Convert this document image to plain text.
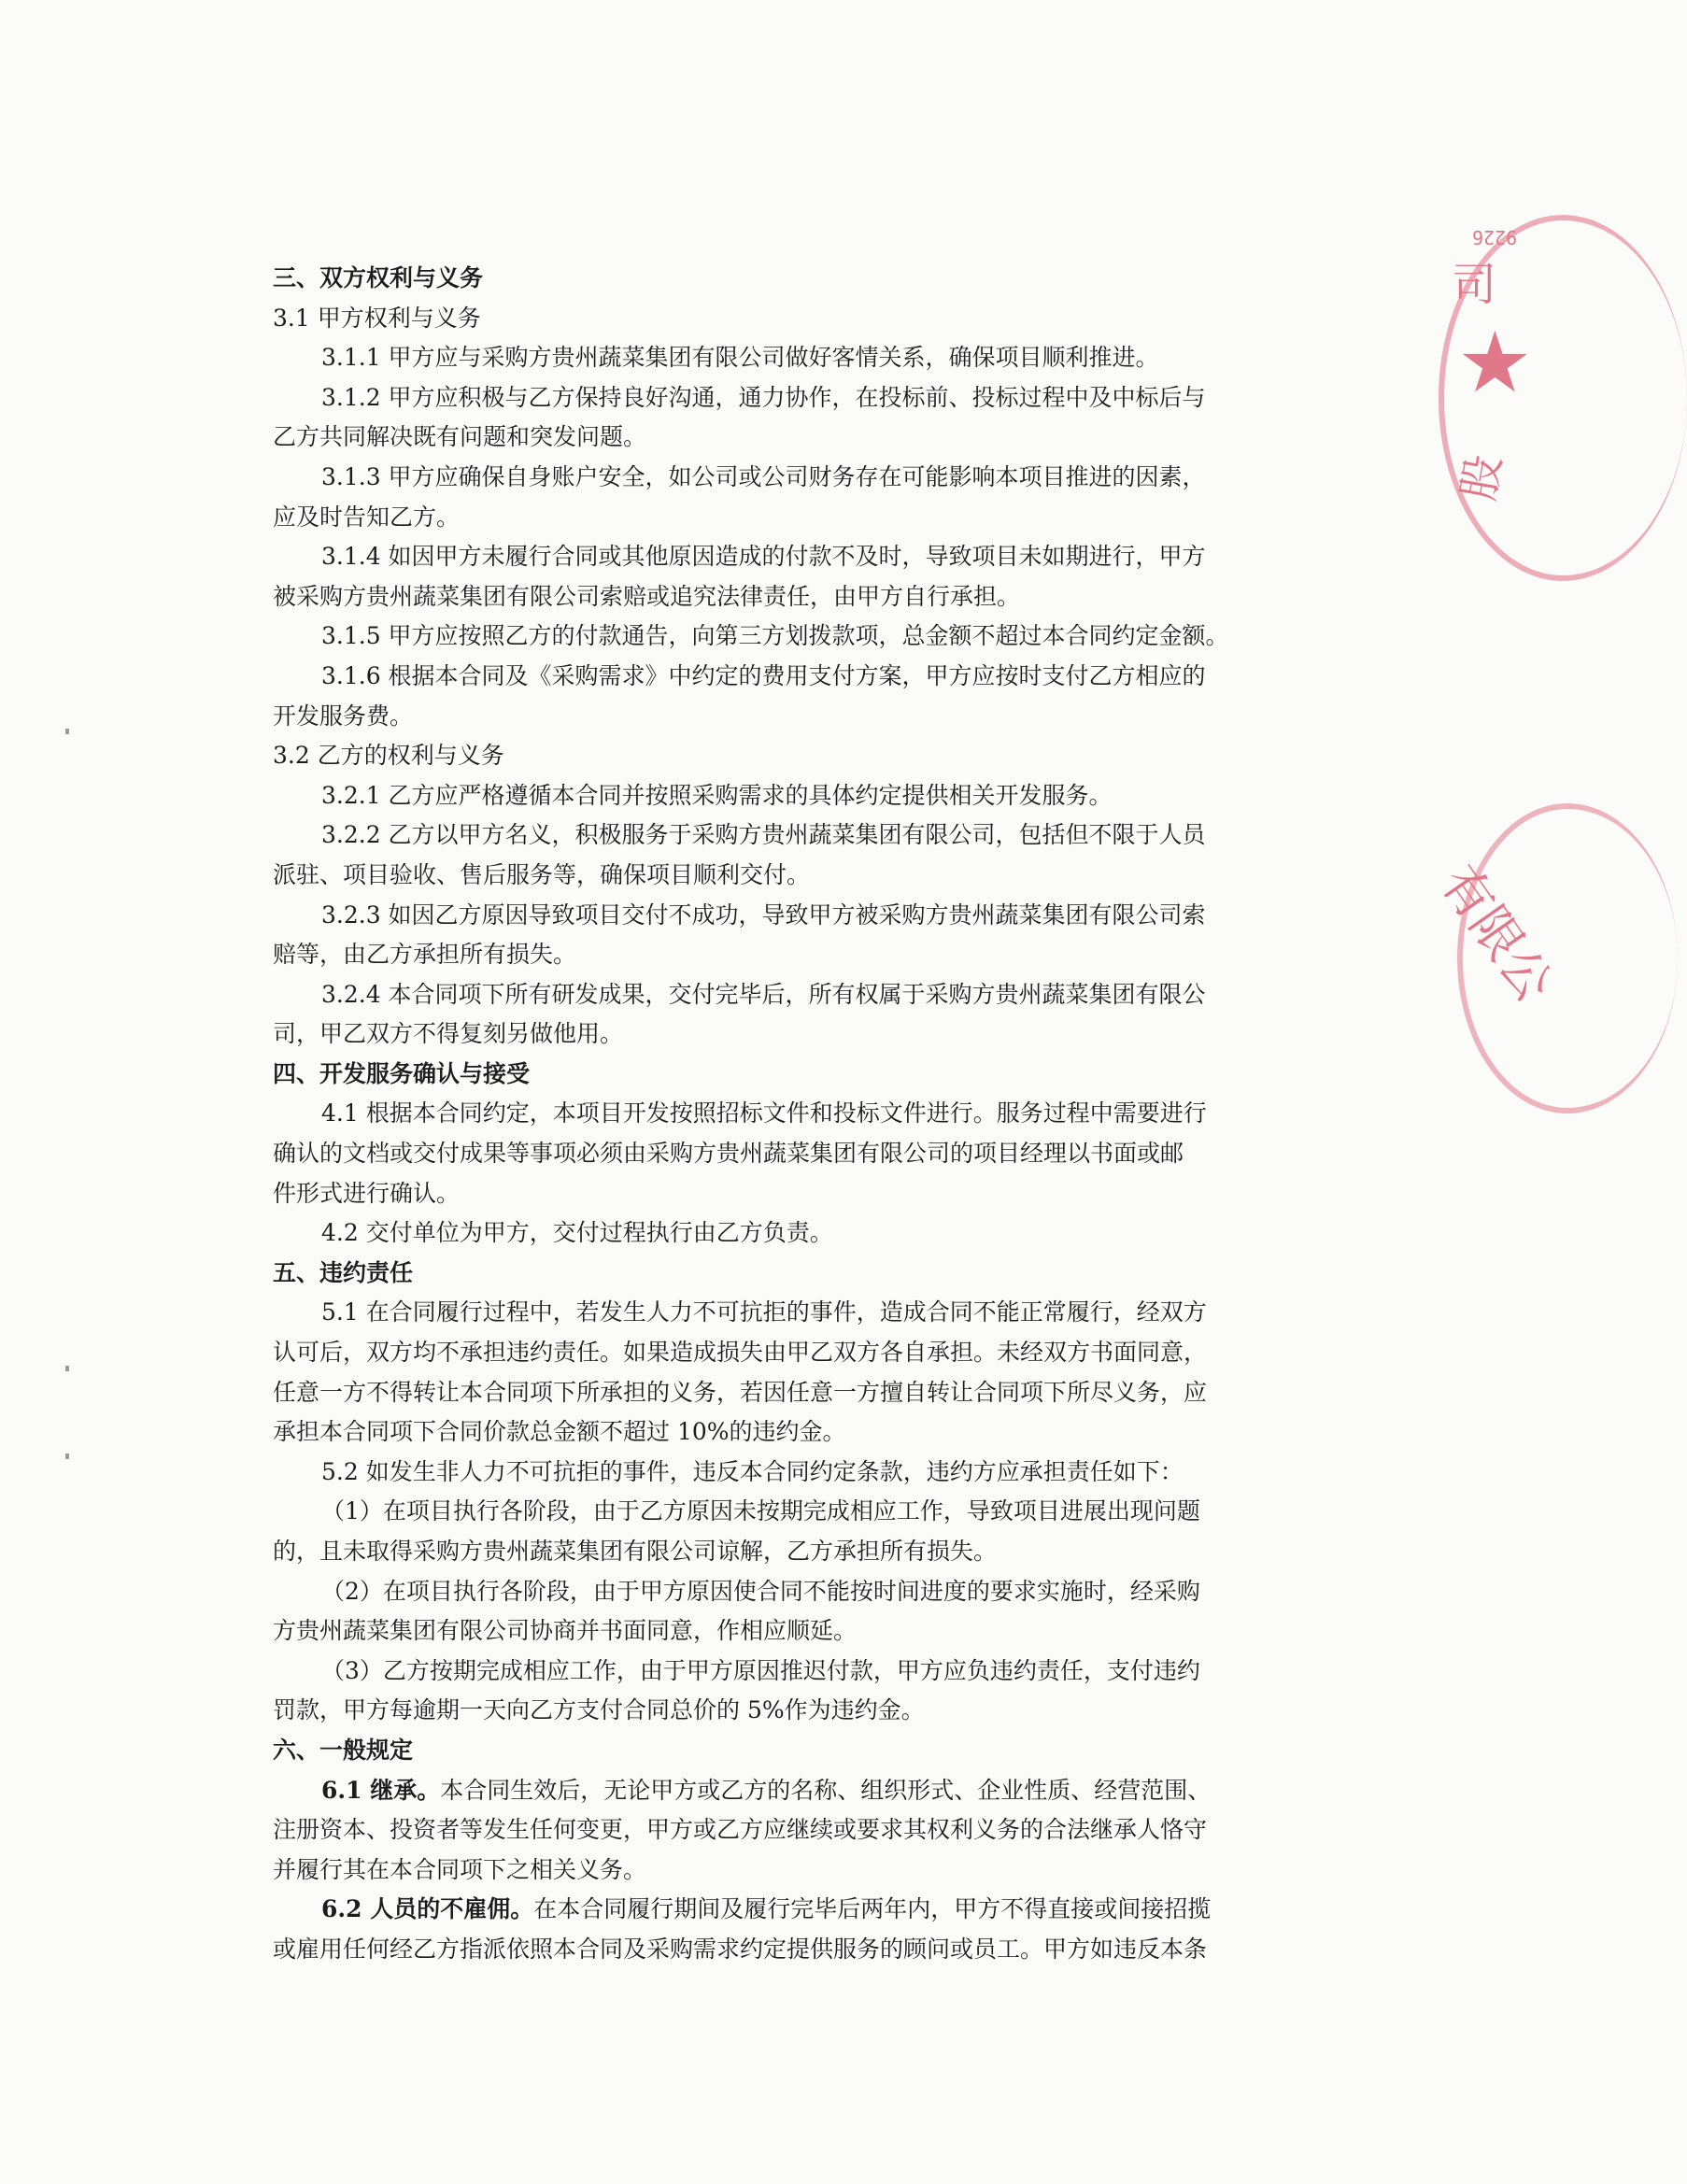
9226
司
★
股
有限公
三、双方权利与义务
3.1 甲方权利与义务
3.1.1 甲方应与采购方贵州蔬菜集团有限公司做好客情关系，确保项目顺利推进。
3.1.2 甲方应积极与乙方保持良好沟通，通力协作，在投标前、投标过程中及中标后与
乙方共同解决既有问题和突发问题。
3.1.3 甲方应确保自身账户安全，如公司或公司财务存在可能影响本项目推进的因素，
应及时告知乙方。
3.1.4 如因甲方未履行合同或其他原因造成的付款不及时，导致项目未如期进行，甲方
被采购方贵州蔬菜集团有限公司索赔或追究法律责任，由甲方自行承担。
3.1.5 甲方应按照乙方的付款通告，向第三方划拨款项，总金额不超过本合同约定金额。
3.1.6 根据本合同及《采购需求》中约定的费用支付方案，甲方应按时支付乙方相应的
开发服务费。
3.2 乙方的权利与义务
3.2.1 乙方应严格遵循本合同并按照采购需求的具体约定提供相关开发服务。
3.2.2 乙方以甲方名义，积极服务于采购方贵州蔬菜集团有限公司，包括但不限于人员
派驻、项目验收、售后服务等，确保项目顺利交付。
3.2.3 如因乙方原因导致项目交付不成功，导致甲方被采购方贵州蔬菜集团有限公司索
赔等，由乙方承担所有损失。
3.2.4 本合同项下所有研发成果，交付完毕后，所有权属于采购方贵州蔬菜集团有限公
司，甲乙双方不得复刻另做他用。
四、开发服务确认与接受
4.1 根据本合同约定，本项目开发按照招标文件和投标文件进行。服务过程中需要进行
确认的文档或交付成果等事项必须由采购方贵州蔬菜集团有限公司的项目经理以书面或邮
件形式进行确认。
4.2 交付单位为甲方，交付过程执行由乙方负责。
五、违约责任
5.1 在合同履行过程中，若发生人力不可抗拒的事件，造成合同不能正常履行，经双方
认可后，双方均不承担违约责任。如果造成损失由甲乙双方各自承担。未经双方书面同意，
任意一方不得转让本合同项下所承担的义务，若因任意一方擅自转让合同项下所尽义务，应
承担本合同项下合同价款总金额不超过 10%的违约金。
5.2 如发生非人力不可抗拒的事件，违反本合同约定条款，违约方应承担责任如下：
（1）在项目执行各阶段，由于乙方原因未按期完成相应工作，导致项目进展出现问题
的，且未取得采购方贵州蔬菜集团有限公司谅解，乙方承担所有损失。
（2）在项目执行各阶段，由于甲方原因使合同不能按时间进度的要求实施时，经采购
方贵州蔬菜集团有限公司协商并书面同意，作相应顺延。
（3）乙方按期完成相应工作，由于甲方原因推迟付款，甲方应负违约责任，支付违约
罚款，甲方每逾期一天向乙方支付合同总价的 5%作为违约金。
六、一般规定
6.1 继承。本合同生效后，无论甲方或乙方的名称、组织形式、企业性质、经营范围、
注册资本、投资者等发生任何变更，甲方或乙方应继续或要求其权利义务的合法继承人恪守
并履行其在本合同项下之相关义务。
6.2 人员的不雇佣。在本合同履行期间及履行完毕后两年内，甲方不得直接或间接招揽
或雇用任何经乙方指派依照本合同及采购需求约定提供服务的顾问或员工。甲方如违反本条
